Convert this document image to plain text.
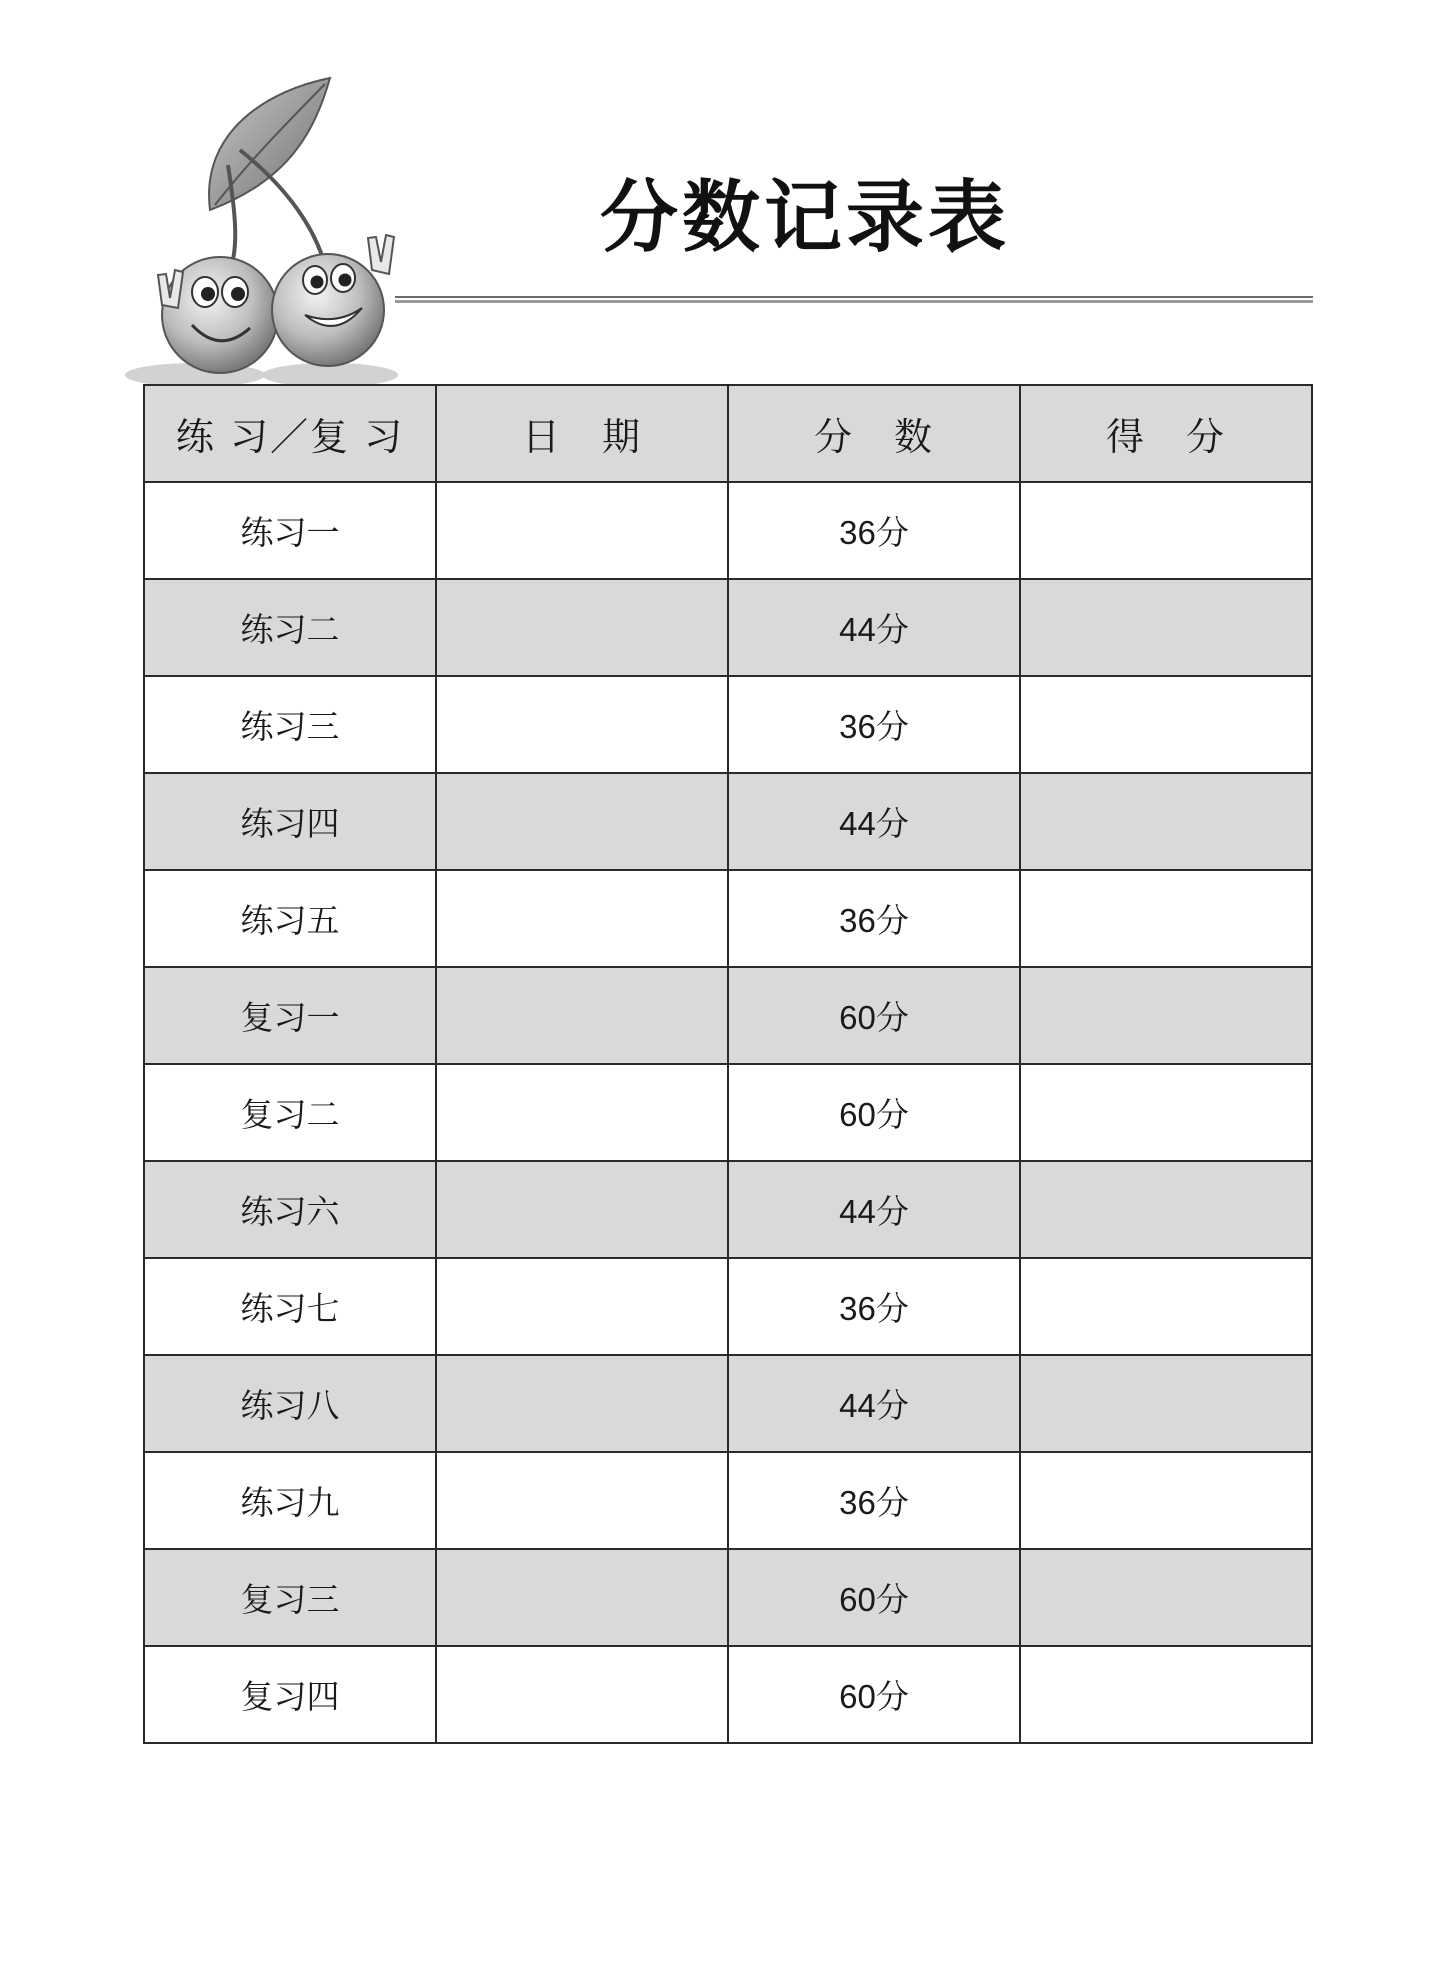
分数记录表
练 习／复 习	日　期	分　数	得　分
练习一		36分	
练习二		44分	
练习三		36分	
练习四		44分	
练习五		36分	
复习一		60分	
复习二		60分	
练习六		44分	
练习七		36分	
练习八		44分	
练习九		36分	
复习三		60分	
复习四		60分	
